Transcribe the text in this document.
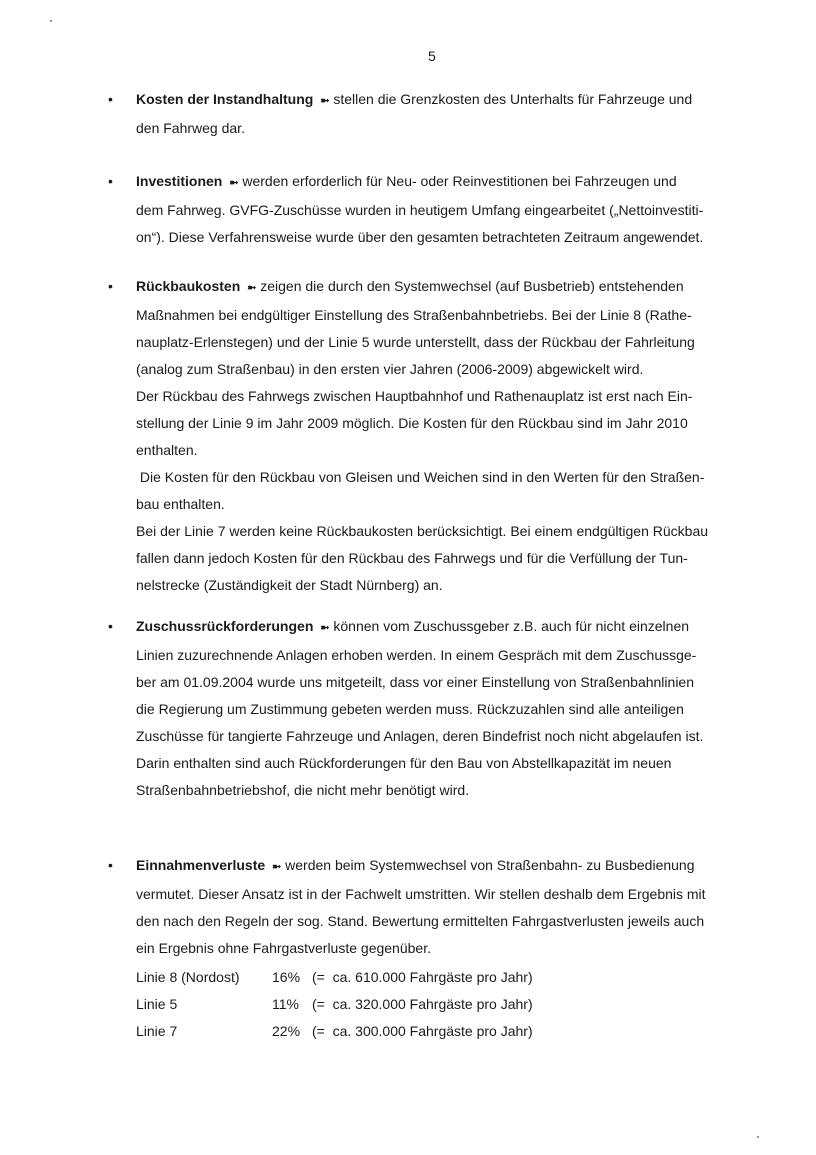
5
• Kosten der Instandhaltung ➼ stellen die Grenzkosten des Unterhalts für Fahrzeuge und

den Fahrweg dar.

• Investitionen ➼ werden erforderlich für Neu- oder Reinvestitionen bei Fahrzeugen und

dem Fahrweg. GVFG-Zuschüsse wurden in heutigem Umfang eingearbeitet („Nettoinvestiti-

on“). Diese Verfahrensweise wurde über den gesamten betrachteten Zeitraum angewendet.

• Rückbaukosten ➼ zeigen die durch den Systemwechsel (auf Busbetrieb) entstehenden

Maßnahmen bei endgültiger Einstellung des Straßenbahnbetriebs. Bei der Linie 8 (Rathe-

nauplatz-Erlenstegen) und der Linie 5 wurde unterstellt, dass der Rückbau der Fahrleitung

(analog zum Straßenbau) in den ersten vier Jahren (2006-2009) abgewickelt wird.

Der Rückbau des Fahrwegs zwischen Hauptbahnhof und Rathenauplatz ist erst nach Ein-

stellung der Linie 9 im Jahr 2009 möglich. Die Kosten für den Rückbau sind im Jahr 2010

enthalten.

Die Kosten für den Rückbau von Gleisen und Weichen sind in den Werten für den Straßen-

bau enthalten.

Bei der Linie 7 werden keine Rückbaukosten berücksichtigt. Bei einem endgültigen Rückbau

fallen dann jedoch Kosten für den Rückbau des Fahrwegs und für die Verfüllung der Tun-

nelstrecke (Zuständigkeit der Stadt Nürnberg) an.

• Zuschussrückforderungen ➼ können vom Zuschussgeber z.B. auch für nicht einzelnen

Linien zuzurechnende Anlagen erhoben werden. In einem Gespräch mit dem Zuschussge-

ber am 01.09.2004 wurde uns mitgeteilt, dass vor einer Einstellung von Straßenbahnlinien

die Regierung um Zustimmung gebeten werden muss. Rückzuzahlen sind alle anteiligen

Zuschüsse für tangierte Fahrzeuge und Anlagen, deren Bindefrist noch nicht abgelaufen ist.

Darin enthalten sind auch Rückforderungen für den Bau von Abstellkapazität im neuen

Straßenbahnbetriebshof, die nicht mehr benötigt wird.

• Einnahmenverluste ➼ werden beim Systemwechsel von Straßenbahn- zu Busbedienung

vermutet. Dieser Ansatz ist in der Fachwelt umstritten. Wir stellen deshalb dem Ergebnis mit

den nach den Regeln der sog. Stand. Bewertung ermittelten Fahrgastverlusten jeweils auch

ein Ergebnis ohne Fahrgastverluste gegenüber.

Linie 8 (Nordost)	16%	(=  ca. 610.000 Fahrgäste pro Jahr)
Linie 5	11%	(=  ca. 320.000 Fahrgäste pro Jahr)
Linie 7	22%	(=  ca. 300.000 Fahrgäste pro Jahr)
